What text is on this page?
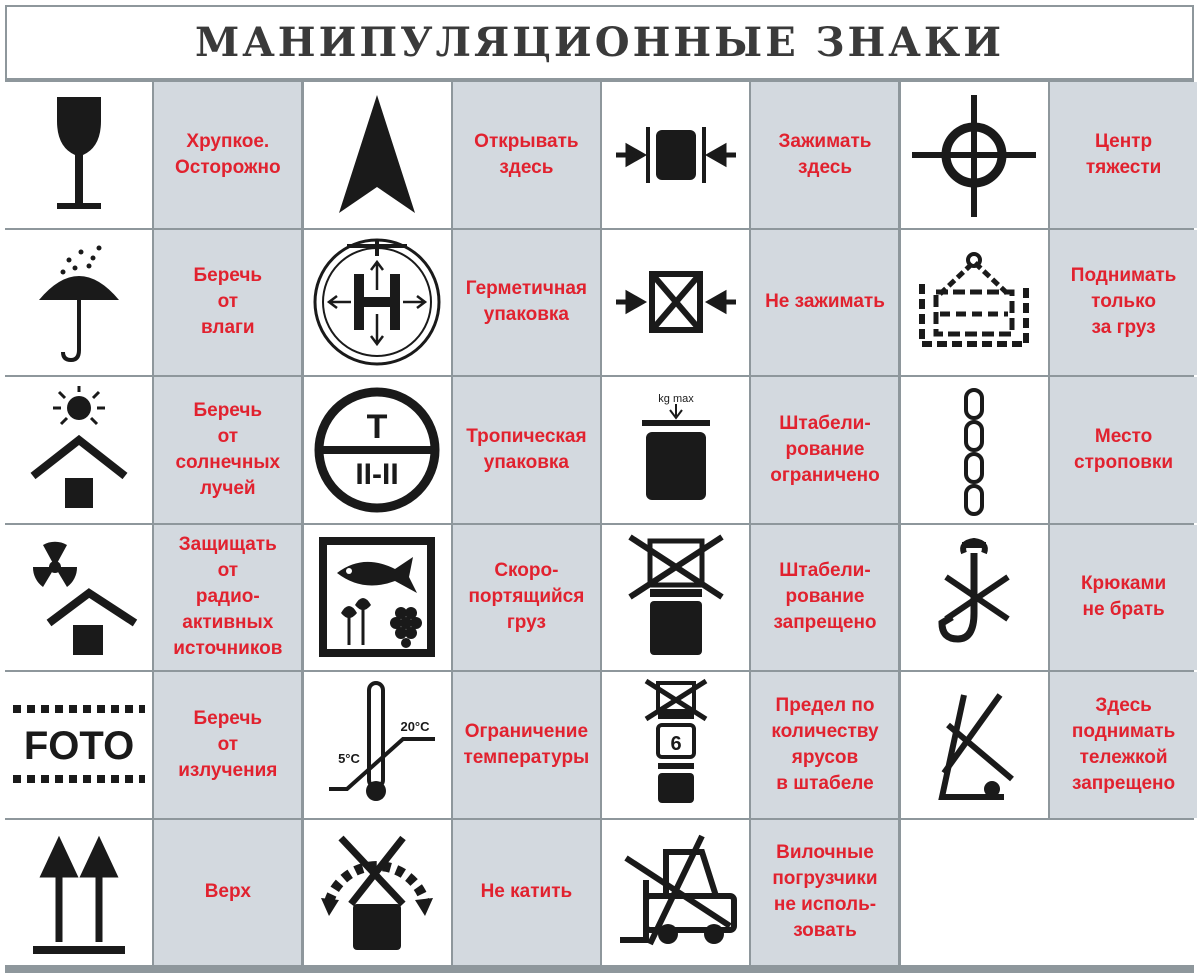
МАНИПУЛЯЦИОННЫЕ ЗНАКИ
Хрупкое.
Осторожно
Открывать
здесь
Зажимать
здесь
Центр
тяжести
Беречь
от
влаги
Герметичная
упаковка
Не зажимать
Поднимать
только
за груз
Беречь
от
солнечных
лучей
T
II-II
Тропическая
упаковка
kg max
Штабели-
рование
ограничено
Место
строповки
Защищать
от
радио-
активных
источников
Скоро-
портящийся
груз
Штабели-
рование
запрещено
Крюками
не брать
FOTO
Беречь
от
излучения
20°C
5°C
Ограничение
температуры
6
Предел по
количеству
ярусов
в штабеле
Здесь
поднимать
тележкой
запрещено
Верх	Не катить
Вилочные
погрузчики
не исполь-
зовать
